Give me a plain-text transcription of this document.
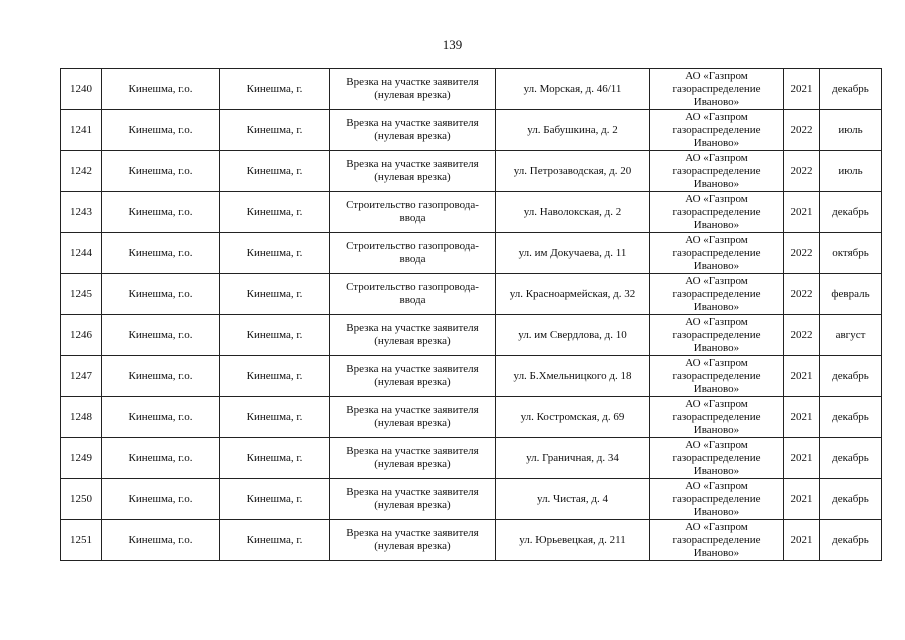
139
1240	Кинешма, г.о.	Кинешма, г.	Врезка на участке заявителя
(нулевая врезка)	ул. Морская, д. 46/11	АО «Газпром
газораспределение
Иваново»	2021	декабрь
1241	Кинешма, г.о.	Кинешма, г.	Врезка на участке заявителя
(нулевая врезка)	ул. Бабушкина, д. 2	АО «Газпром
газораспределение
Иваново»	2022	июль
1242	Кинешма, г.о.	Кинешма, г.	Врезка на участке заявителя
(нулевая врезка)	ул. Петрозаводская, д. 20	АО «Газпром
газораспределение
Иваново»	2022	июль
1243	Кинешма, г.о.	Кинешма, г.	Строительство газопровода-
ввода	ул. Наволокская, д. 2	АО «Газпром
газораспределение
Иваново»	2021	декабрь
1244	Кинешма, г.о.	Кинешма, г.	Строительство газопровода-
ввода	ул. им Докучаева, д. 11	АО «Газпром
газораспределение
Иваново»	2022	октябрь
1245	Кинешма, г.о.	Кинешма, г.	Строительство газопровода-
ввода	ул. Красноармейская, д. 32	АО «Газпром
газораспределение
Иваново»	2022	февраль
1246	Кинешма, г.о.	Кинешма, г.	Врезка на участке заявителя
(нулевая врезка)	ул. им Свердлова, д. 10	АО «Газпром
газораспределение
Иваново»	2022	август
1247	Кинешма, г.о.	Кинешма, г.	Врезка на участке заявителя
(нулевая врезка)	ул. Б.Хмельницкого д. 18	АО «Газпром
газораспределение
Иваново»	2021	декабрь
1248	Кинешма, г.о.	Кинешма, г.	Врезка на участке заявителя
(нулевая врезка)	ул. Костромская, д. 69	АО «Газпром
газораспределение
Иваново»	2021	декабрь
1249	Кинешма, г.о.	Кинешма, г.	Врезка на участке заявителя
(нулевая врезка)	ул. Граничная, д. 34	АО «Газпром
газораспределение
Иваново»	2021	декабрь
1250	Кинешма, г.о.	Кинешма, г.	Врезка на участке заявителя
(нулевая врезка)	ул. Чистая, д. 4	АО «Газпром
газораспределение
Иваново»	2021	декабрь
1251	Кинешма, г.о.	Кинешма, г.	Врезка на участке заявителя
(нулевая врезка)	ул. Юрьевецкая, д. 211	АО «Газпром
газораспределение
Иваново»	2021	декабрь
